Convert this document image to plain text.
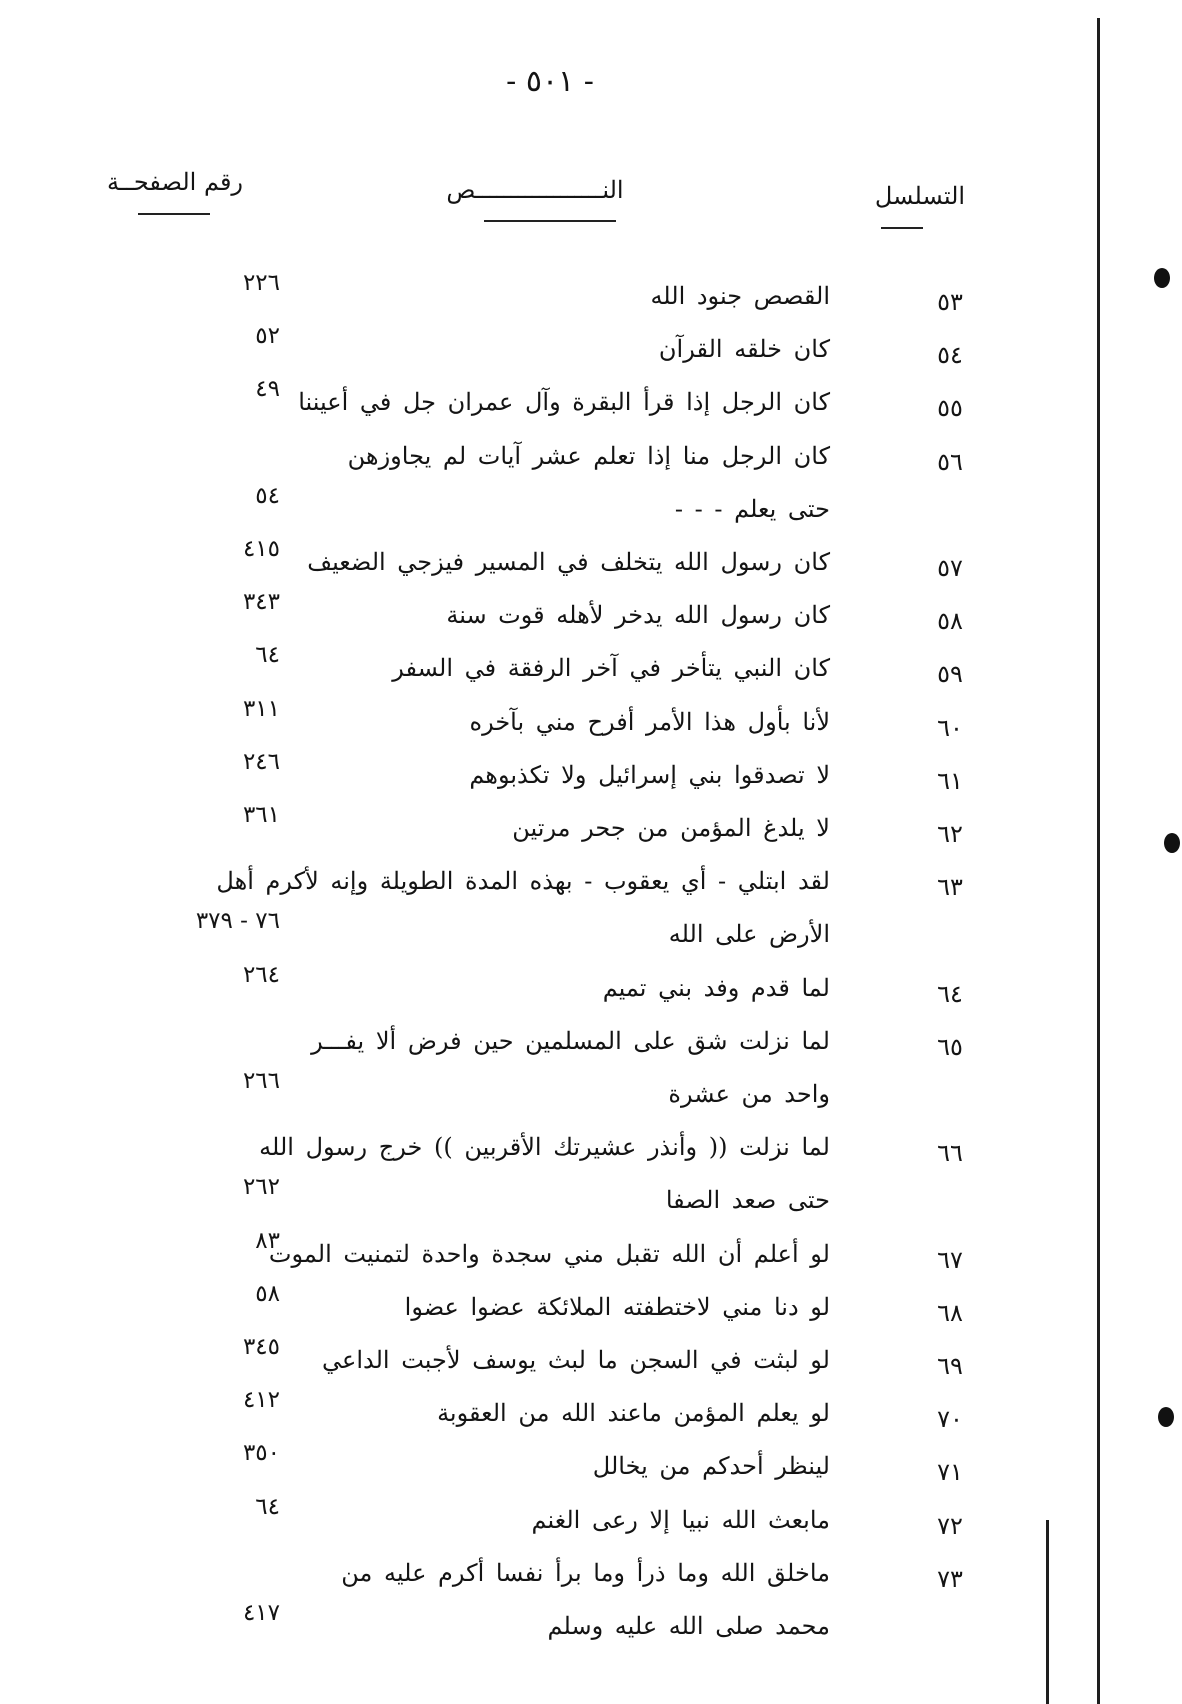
- ٥٠١ -
التسلسل
النــــــــــــــــــص
رقم الصفحــة
٥٣
القصص جنود الله
٢٢٦
٥٤
كان خلقه القرآن
٥٢
٥٥
كان الرجل إذا قرأ البقرة وآل عمران جل في أعيننا
٤٩
٥٦
كان الرجل منا إذا تعلم عشر آيات لم يجاوزهن
حتى يعلم - - -
٥٤
٥٧
كان رسول الله يتخلف في المسير فيزجي الضعيف
٤١٥
٥٨
كان رسول الله يدخر لأهله قوت سنة
٣٤٣
٥٩
كان النبي يتأخر في آخر الرفقة في السفر
٦٤
٦٠
لأنا بأول هذا الأمر أفرح مني بآخره
٣١١
٦١
لا تصدقوا بني إسرائيل ولا تكذبوهم
٢٤٦
٦٢
لا يلدغ المؤمن من جحر مرتين
٣٦١
٦٣
لقد ابتلي - أي يعقوب - بهذه المدة الطويلة وإنه لأكرم أهل
الأرض على الله
٧٦ - ٣٧٩
٦٤
لما قدم وفد بني تميم
٢٦٤
٦٥
لما نزلت شق على المسلمين حين فرض ألا يفـــر
واحد من عشرة
٢٦٦
٦٦
لما نزلت (( وأنذر عشيرتك الأقربين )) خرج رسول الله
حتى صعد الصفا
٢٦٢
٦٧
لو أعلم أن الله تقبل مني سجدة واحدة لتمنيت الموت
٨٣
٦٨
لو دنا مني لاختطفته الملائكة عضوا عضوا
٥٨
٦٩
لو لبثت في السجن ما لبث يوسف لأجبت الداعي
٣٤٥
٧٠
لو يعلم المؤمن ماعند الله من العقوبة
٤١٢
٧١
لينظر أحدكم من يخالل
٣٥٠
٧٢
مابعث الله نبيا إلا رعى الغنم
٦٤
٧٣
ماخلق الله وما ذرأ وما برأ نفسا أكرم عليه من
محمد صلى الله عليه وسلم
٤١٧
